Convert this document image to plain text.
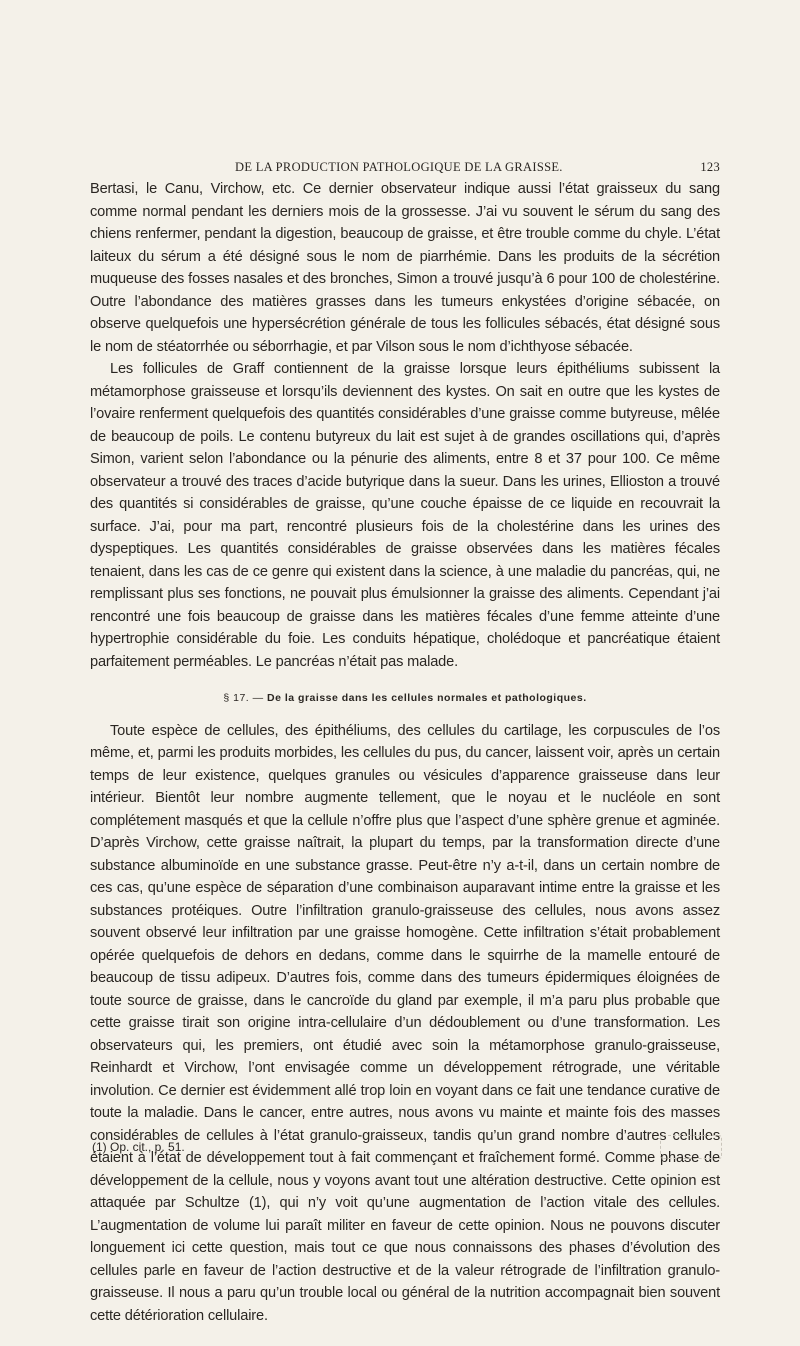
DE LA PRODUCTION PATHOLOGIQUE DE LA GRAISSE.	123

Bertasi, le Canu, Virchow, etc. Ce dernier observateur indique aussi l’état graisseux du sang comme normal pendant les derniers mois de la grossesse. J’ai vu souvent le sérum du sang des chiens renfermer, pendant la digestion, beaucoup de graisse, et être trouble comme du chyle. L’état laiteux du sérum a été désigné sous le nom de piarrhémie. Dans les produits de la sécrétion muqueuse des fosses nasales et des bronches, Simon a trouvé jusqu’à 6 pour 100 de cholestérine. Outre l’abondance des matières grasses dans les tumeurs enkystées d’origine sébacée, on observe quelquefois une hypersécrétion générale de tous les follicules sébacés, état désigné sous le nom de stéatorrhée ou séborrhagie, et par Vilson sous le nom d’ichthyose sébacée.

Les follicules de Graff contiennent de la graisse lorsque leurs épithéliums subissent la métamorphose graisseuse et lorsqu’ils deviennent des kystes. On sait en outre que les kystes de l’ovaire renferment quelquefois des quantités considérables d’une graisse comme butyreuse, mêlée de beaucoup de poils. Le contenu butyreux du lait est sujet à de grandes oscillations qui, d’après Simon, varient selon l’abondance ou la pénurie des aliments, entre 8 et 37 pour 100. Ce même observateur a trouvé des traces d’acide butyrique dans la sueur. Dans les urines, Ellioston a trouvé des quantités si considérables de graisse, qu’une couche épaisse de ce liquide en recouvrait la surface. J’ai, pour ma part, rencontré plusieurs fois de la cholestérine dans les urines des dyspeptiques. Les quantités considérables de graisse observées dans les matières fécales tenaient, dans les cas de ce genre qui existent dans la science, à une maladie du pancréas, qui, ne remplissant plus ses fonctions, ne pouvait plus émulsionner la graisse des aliments. Cependant j’ai rencontré une fois beaucoup de graisse dans les matières fécales d’une femme atteinte d’une hypertrophie considérable du foie. Les conduits hépatique, cholédoque et pancréatique étaient parfaitement perméables. Le pancréas n’était pas malade.

§ 17. — De la graisse dans les cellules normales et pathologiques.

Toute espèce de cellules, des épithéliums, des cellules du cartilage, les corpuscules de l’os même, et, parmi les produits morbides, les cellules du pus, du cancer, laissent voir, après un certain temps de leur existence, quelques granules ou vésicules d’apparence graisseuse dans leur intérieur. Bientôt leur nombre augmente tellement, que le noyau et le nucléole en sont complétement masqués et que la cellule n’offre plus que l’aspect d’une sphère grenue et agminée. D’après Virchow, cette graisse naîtrait, la plupart du temps, par la transformation directe d’une substance albuminoïde en une substance grasse. Peut-être n’y a-t-il, dans un certain nombre de ces cas, qu’une espèce de séparation d’une combinaison auparavant intime entre la graisse et les substances protéiques. Outre l’infiltration granulo-graisseuse des cellules, nous avons assez souvent observé leur infiltration par une graisse homogène. Cette infiltration s’était probablement opérée quelquefois de dehors en dedans, comme dans le squirrhe de la mamelle entouré de beaucoup de tissu adipeux. D’autres fois, comme dans des tumeurs épidermiques éloignées de toute source de graisse, dans le cancroïde du gland par exemple, il m’a paru plus probable que cette graisse tirait son origine intra-cellulaire d’un dédoublement ou d’une transformation. Les observateurs qui, les premiers, ont étudié avec soin la métamorphose granulo-graisseuse, Reinhardt et Virchow, l’ont envisagée comme un développement rétrograde, une véritable involution. Ce dernier est évidemment allé trop loin en voyant dans ce fait une tendance curative de toute la maladie. Dans le cancer, entre autres, nous avons vu mainte et mainte fois des masses considérables de cellules à l’état granulo-graisseux, tandis qu’un grand nombre d’autres cellules étaient à l’état de développement tout à fait commençant et fraîchement formé. Comme phase de développement de la cellule, nous y voyons avant tout une altération destructive. Cette opinion est attaquée par Schultze (1), qui n’y voit qu’une augmentation de l’action vitale des cellules. L’augmentation de volume lui paraît militer en faveur de cette opinion. Nous ne pouvons discuter longuement ici cette question, mais tout ce que nous connaissons des phases d’évolution des cellules parle en faveur de l’action destructive et de la valeur rétrograde de l’infiltration granulo-graisseuse. Il nous a paru qu’un trouble local ou général de la nutrition accompagnait bien souvent cette détérioration cellulaire.

(1) Op. cit., p. 51.
